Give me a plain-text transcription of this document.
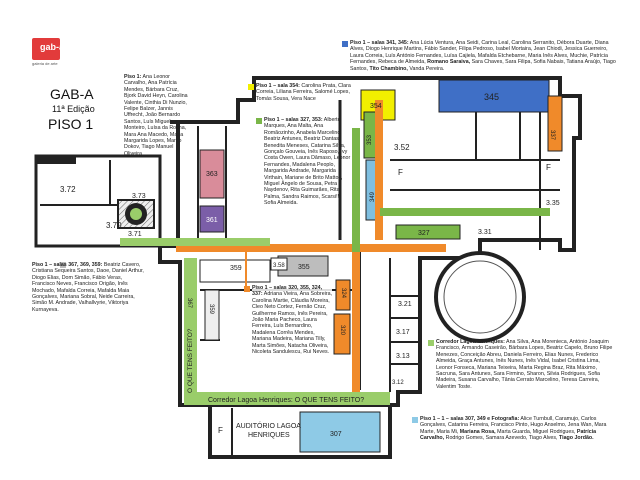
3.72
3.70
3.73
3.71
363
361
354
345
3.52
337
349
353
3.35
327	3.31
359	3.58 355
367
359
324
320
3.21
3.17
3.13
3.12
307
F
F
F
O QUE TENS FEITO?
Corredor Lagoa Henriques: O QUE TENS FEITO?
AUDITÓRIO LAGOA
HENRIQUES
gab-a
galeria de arte
GAB-A
11ª Edição
PISO 1
Piso 1: Ana Leonor Carvalho, Ana Patrícia Mendes, Bárbara Cruz, Bjork David Heyn, Carolina Valente, Cinthia Di Nunzio, Felipe Balzer, Jannis Uffrecht, João Bernardo Santos, Luís Miguel Monteiro, Luísa da Rocha, Mara Ana Macedo, Maria Margarida Lopes, Marko Dokov, Tiago Manuel Oliveira
Piso 1 – salas 341, 345: Ana Lúcia Ventura, Ana Seidi, Carina Leal, Carolina Serranito, Débora Duarte, Diana Alves, Diogo Henrique Martins, Fábio Sander, Filipa Pedroso, Isabel Mortaira, Jean Chiodi, Jessica Guerreiro, Laura Correia, Luís António Fernandes, Luísa Cajiela, Mafalda Etchebarne, Maria Inês Alves, Muchie, Patrícia Fernandes, Rebeca de Almeida, Romano Saraiva, Sara Chaves, Sara Filipa, Sofia Nabais, Tatiana Araújo, Tiago Santos, Tito Chambino, Vanda Pereira.
Piso 1 – sala 354: Carolina Prata, Clara Correia, Liliana Ferreira, Salomé Lopes, Tomás Sousa, Vera Nace
Piso 1 – salas 327, 353: Alberto Marques, Ana Malta, Ana Romãozinho, Anabela Marcelino, Beatriz Antunes, Beatriz Dantas, Benedita Meneses, Catarina Silva, Gonçalo Gouveia, Inês Raposo, Ivy Costa Owen, Laura Dâmaso, Leonor Fernandes, Madalena Peoplo, Margarida Andrade, Margarida Virthain, Mariane de Brito Mattos, Miguel Ângelo de Sousa, Petra Naydenov, Rita Guimarães, Rita Palma, Sandra Raimos, Scarsi!!, Sofia Almeida.
Piso 1 – salas 367, 369, 359: Beatriz Cavero, Cristiana Sequeira Santos, Daoe, Daniel Arthur, Diogo Elias, Dom Simão, Fábio Veras, Francisco Neves, Francisco Origão, Inês Mochado, Mafalda Correia, Mafalda Maia Gonçalves, Mariana Sobral, Neide Carreira, Simão M. Andrade, Valhallvyrie, Viktoriya Kurnayeva.
Piso 1 – salas 320, 355, 324, 337: Adriana Vieira, Ana Sobreira, Carolina Martie, Cláudia Moreira, Cleo Neto Cortez, Fernão Cruz, Guilherme Ramos, Inês Pereira, João Maria Pacheco, Laura Ferreira, Luís Bernardino, Madalena Corrêa Mendes, Mariana Madeira, Mariana Tilly, Marta Simões, Natacha Oliveira, Nicoleta Sandulescu, Rui Neves.
Corredor Lagoa Henriques: Ana Silva, Ana Morenieca, António Joaquim Francisco, Armando Caseirão, Bárbara Lopes, Beatriz Capelo, Bruno Filipe Menezes, Conceição Abreu, Daniela Ferreiro, Elias Nunes, Frederico Almeida, Graça Antunes, Inês Nunes, Inês Vidal, Isabel Cristina Lima, Leonor Fonseca, Mariana Teixeira, Marta Regina Braz, Rita Máximo, Sacruna, Sara Antunes, Sara Firmino, Sharon, Silvia Rodrigues, Sofia Madeira, Susana Carvalho, Tânia Cerrato Marcelino, Teresa Carreira, Valentim Toste.
Piso 1 – 1 – salas 307, 349 e Fotografia: Alice Turnbull, Caramujo, Carlos Gonçalves, Catarina Ferreira, Francisco Pinto, Hugo Anselmo, Jena Wan, Mara Marte, Maria Mi, Mariana Rosa, Marta Guarda, Miguel Rodrigues, Patrícia Carvalho, Rodrigo Gomes, Samara Azevedo, Tiago Alves, Tiago Jordão.
